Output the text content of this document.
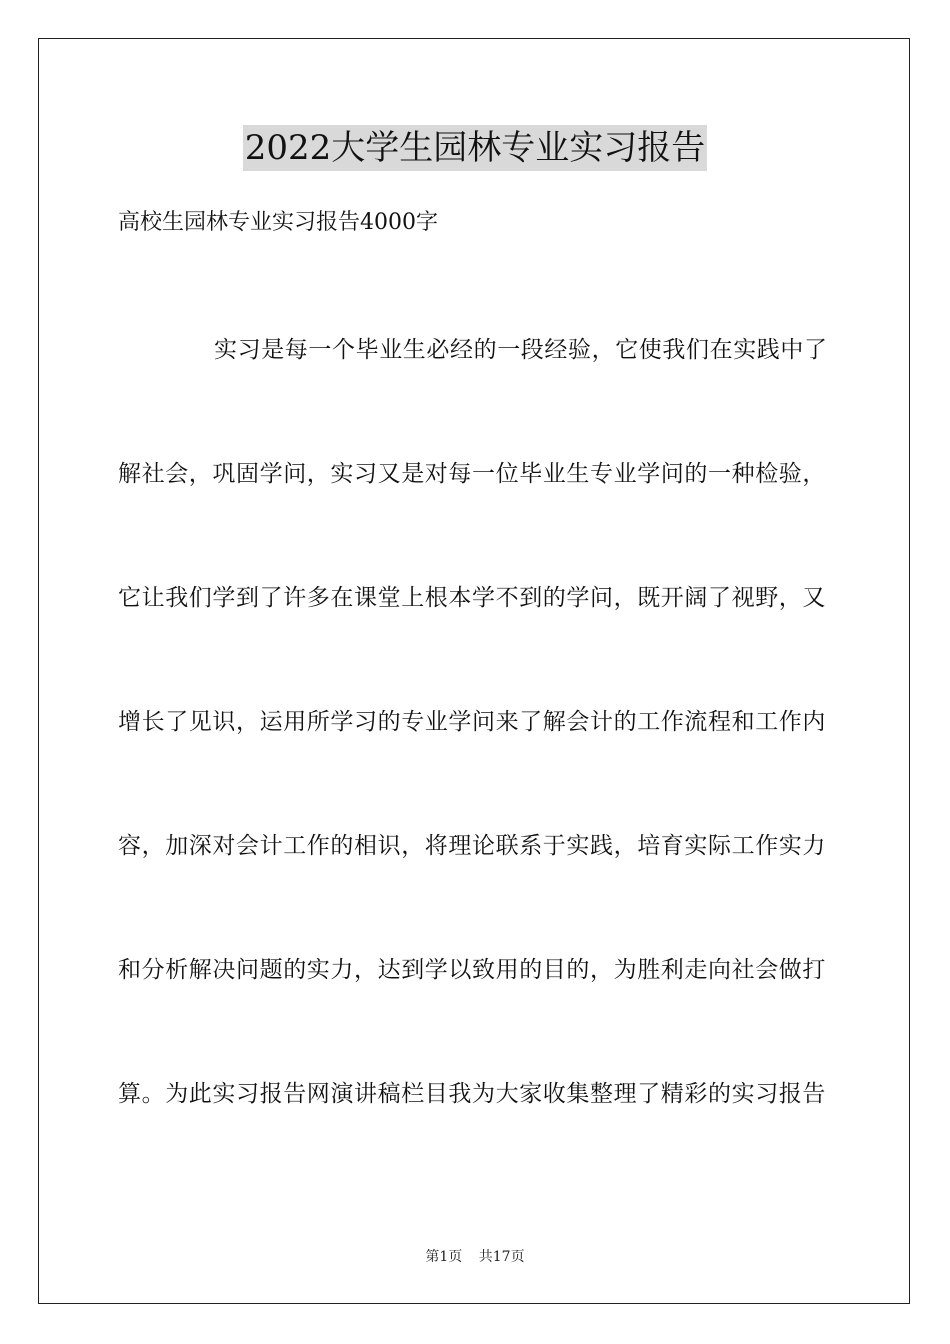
2022大学生园林专业实习报告
高校生园林专业实习报告4000字
实习是每一个毕业生必经的一段经验，它使我们在实践中了
解社会，巩固学问，实习又是对每一位毕业生专业学问的一种检验，
它让我们学到了许多在课堂上根本学不到的学问，既开阔了视野，又
增长了见识，运用所学习的专业学问来了解会计的工作流程和工作内
容，加深对会计工作的相识，将理论联系于实践，培育实际工作实力
和分析解决问题的实力，达到学以致用的目的，为胜利走向社会做打
算。为此实习报告网演讲稿栏目我为大家收集整理了精彩的实习报告
第1页 共17页
